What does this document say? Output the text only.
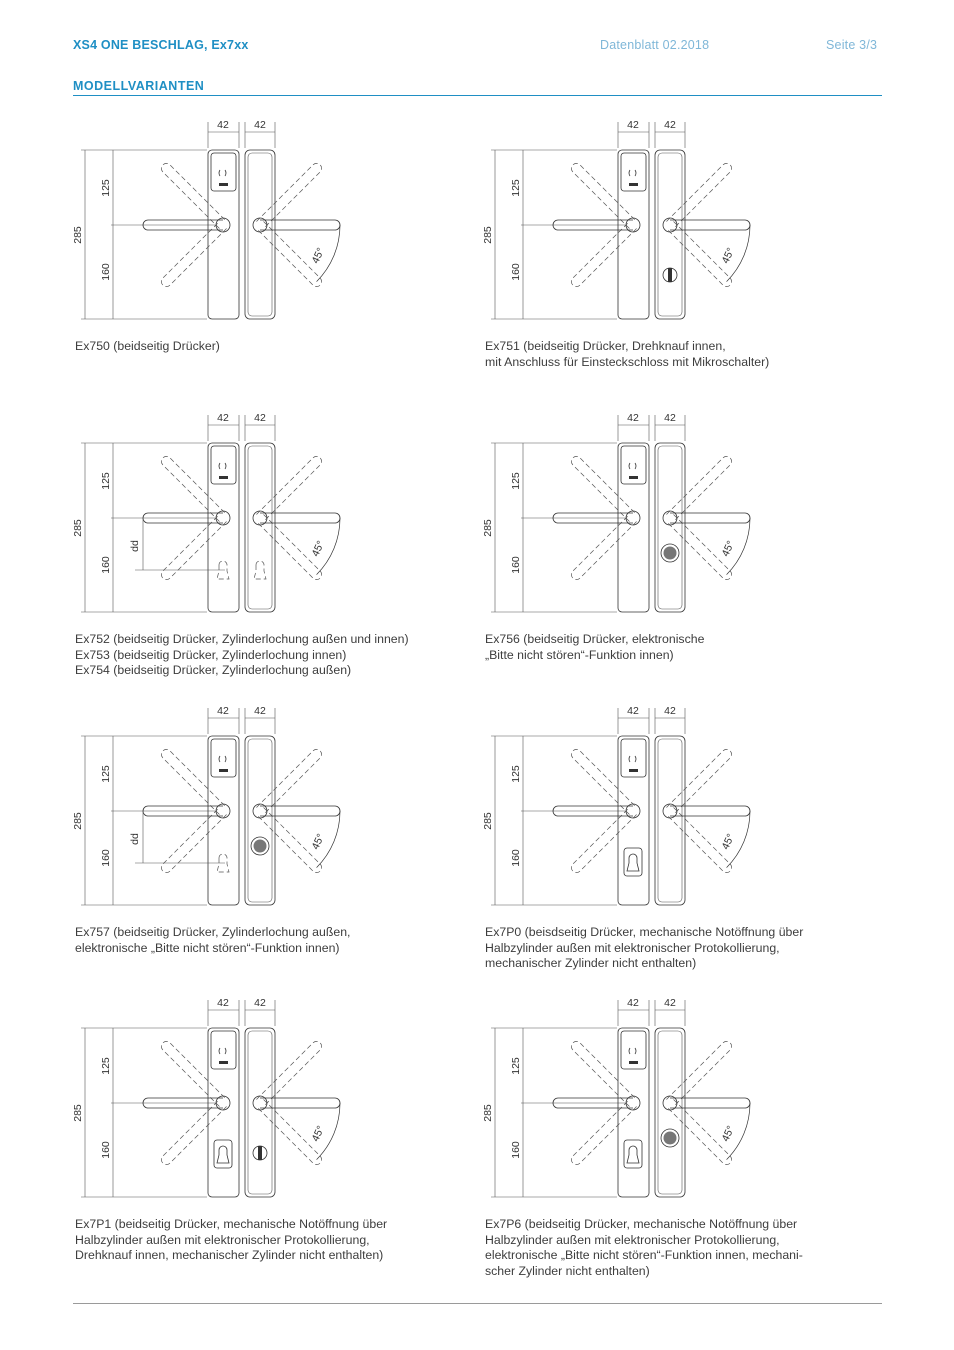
XS4 ONE BESCHLAG, Ex7xx	Datenblatt 02.2018	Seite 3/3
MODELLVARIANTEN
285
125
160
42 42
45°
Ex750 (beidseitig Drücker)
285
125
160
42 42
45°
Ex751 (beidseitig Drücker, Drehknauf innen,
mit Anschluss für Einsteckschloss mit Mikroschalter)
285
125
160
42 42
45°
dd
Ex752 (beidseitig Drücker, Zylinderlochung außen und innen)
Ex753 (beidseitig Drücker, Zylinderlochung innen)
Ex754 (beidseitig Drücker, Zylinderlochung außen)
285
125
160
42 42
45°
Ex756 (beidseitig Drücker, elektronische
„Bitte nicht stören“-Funktion innen)
285
125
160
42 42
45°
dd
Ex757 (beidseitig Drücker, Zylinderlochung außen,
elektronische „Bitte nicht stören“-Funktion innen)
285
125
160
42 42
45°
Ex7P0 (beisdseitig Drücker, mechanische Notöffnung über
Halbzylinder außen mit elektronischer Protokollierung,
mechanischer Zylinder nicht enthalten)
285
125
160
42 42
45°
Ex7P1 (beidseitig Drücker, mechanische Notöffnung über
Halbzylinder außen mit elektronischer Protokollierung,
Drehknauf innen, mechanischer Zylinder nicht enthalten)
285
125
160
42 42
45°
Ex7P6 (beidseitig Drücker, mechanische Notöffnung über
Halbzylinder außen mit elektronischer Protokollierung,
elektronische „Bitte nicht stören“-Funktion innen, mechani-
scher Zylinder nicht enthalten)
